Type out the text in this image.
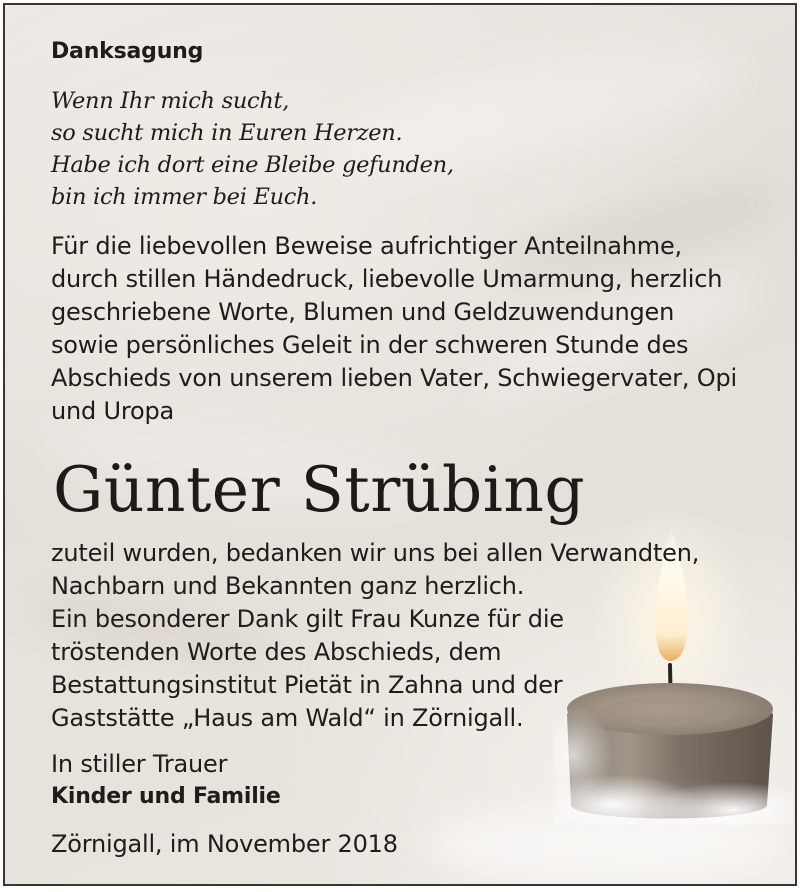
Danksagung
Wenn Ihr mich sucht,
so sucht mich in Euren Herzen.
Habe ich dort eine Bleibe gefunden,
bin ich immer bei Euch.
Für die liebevollen Beweise aufrichtiger Anteilnahme,
durch stillen Händedruck, liebevolle Umarmung, herzlich
geschriebene Worte, Blumen und Geldzuwendungen
sowie persönliches Geleit in der schweren Stunde des
Abschieds von unserem lieben Vater, Schwiegervater, Opi
und Uropa
Günter Strübing
zuteil wurden, bedanken wir uns bei allen Verwandten,
Nachbarn und Bekannten ganz herzlich.
Ein besonderer Dank gilt Frau Kunze für die
tröstenden Worte des Abschieds, dem
Bestattungsinstitut Pietät in Zahna und der
Gaststätte „Haus am Wald“ in Zörnigall.
In stiller Trauer
Kinder und Familie
Zörnigall, im November 2018
